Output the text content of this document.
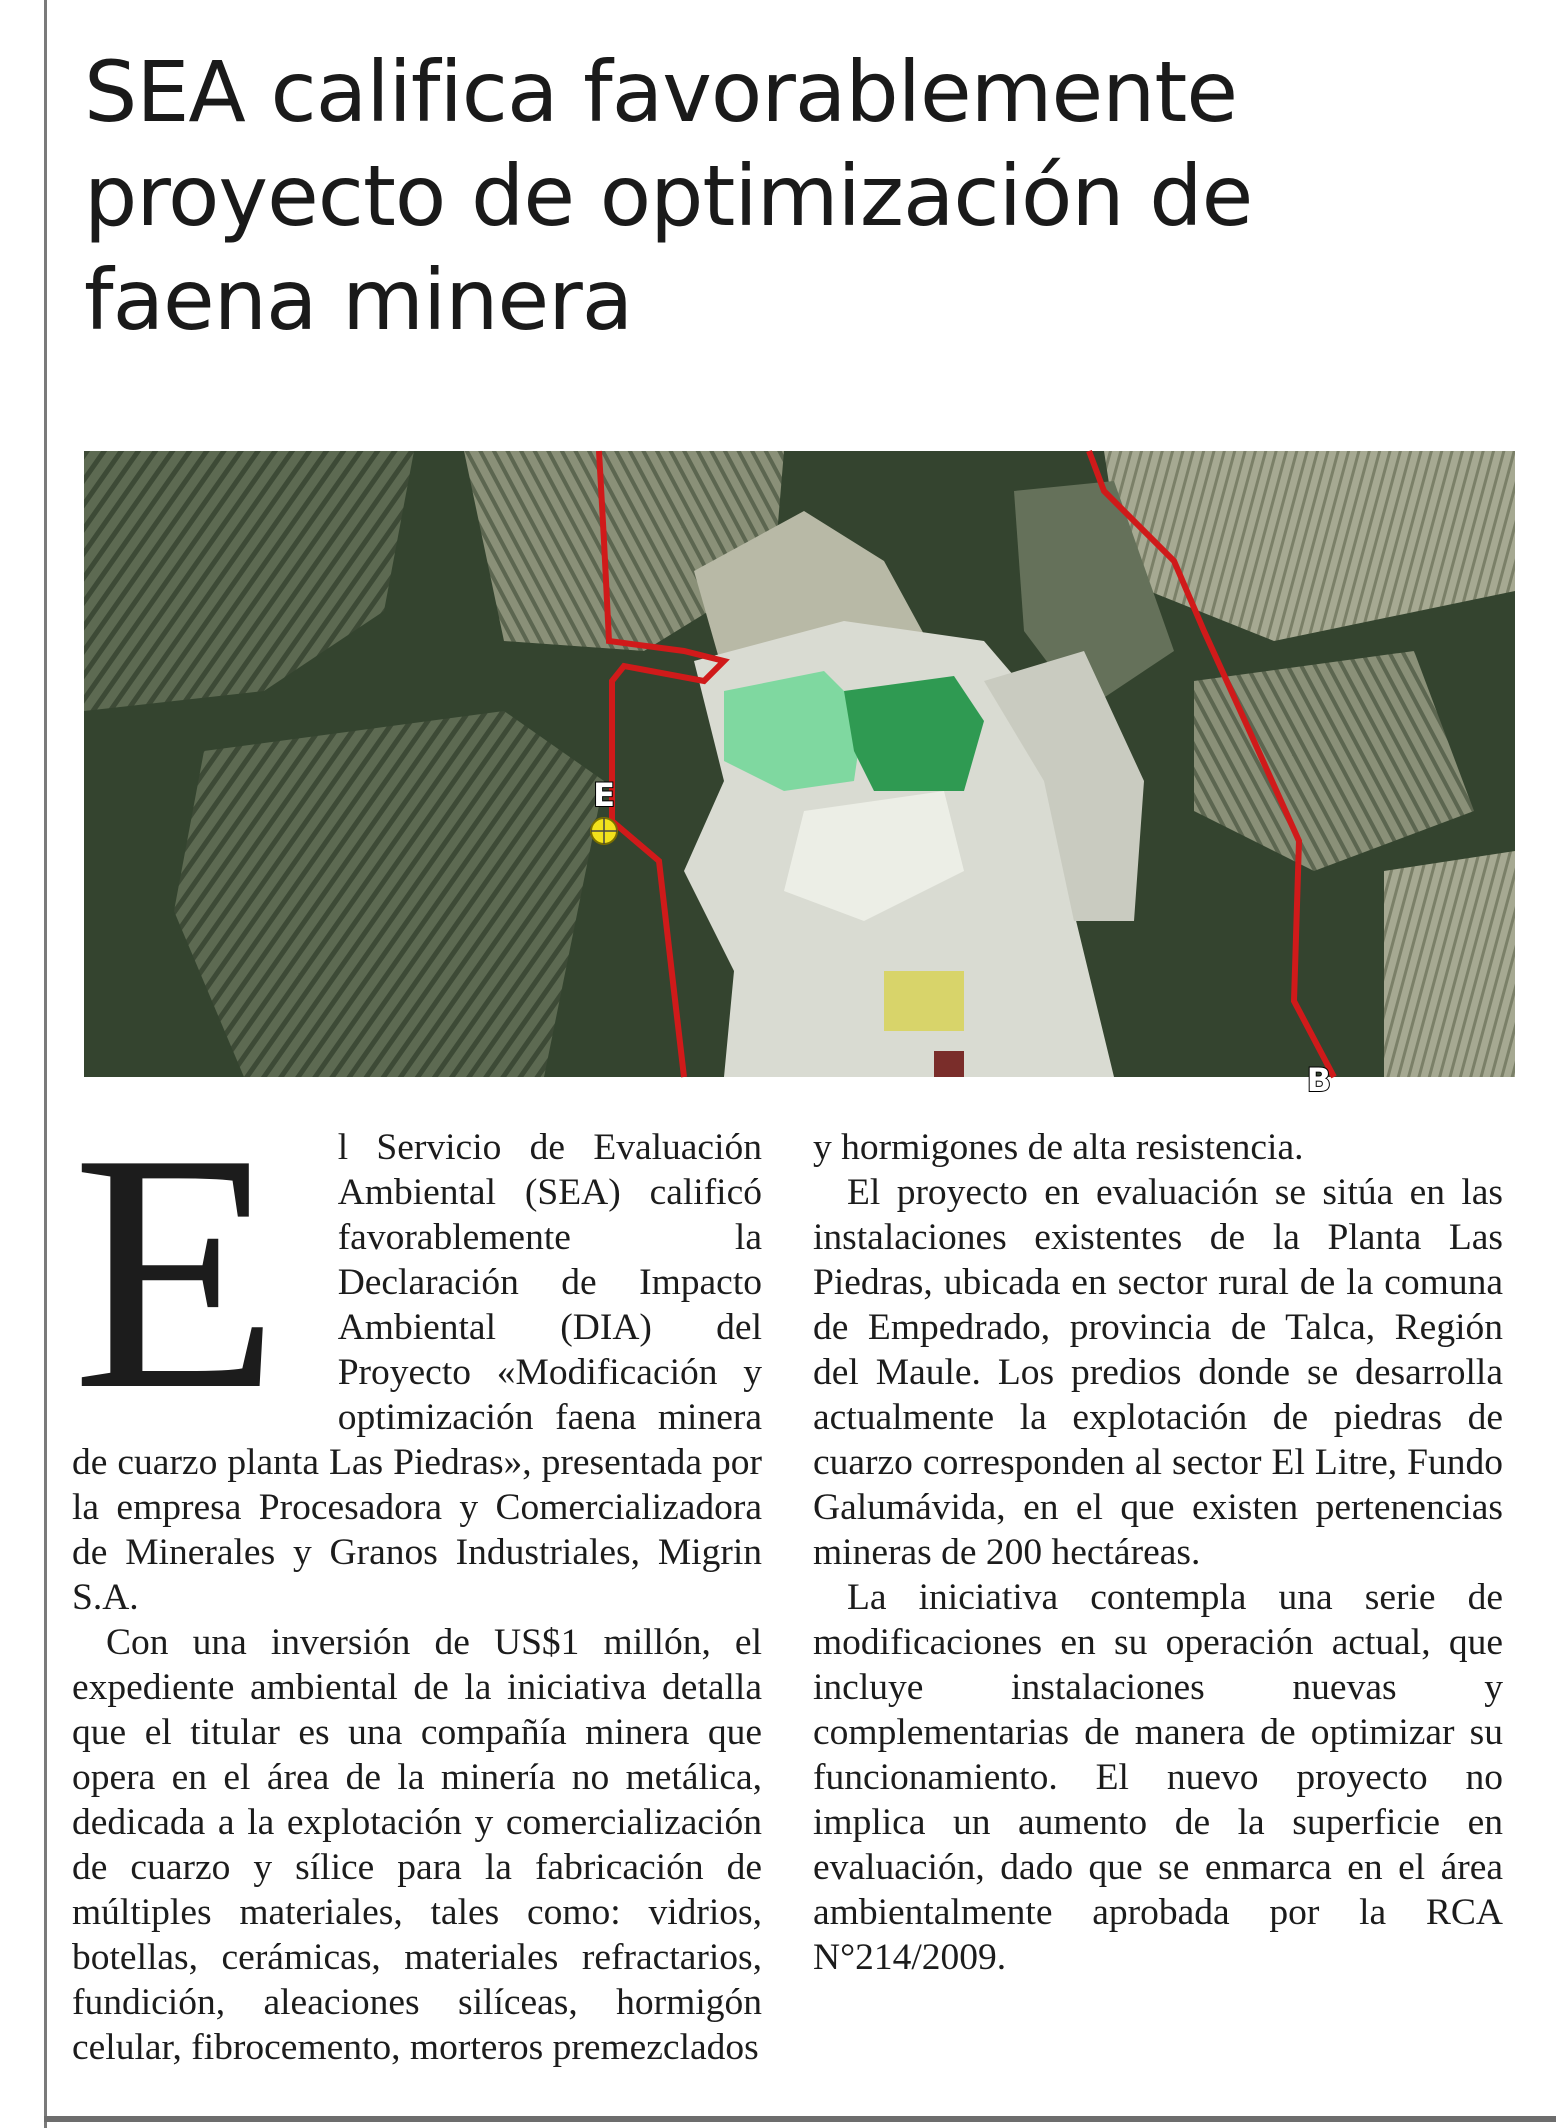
SEA califica favorablemente
proyecto de optimización de
faena minera
E
B
E	l Servicio de Evaluación Ambiental (SEA) calificó favorablemente la Declaración de Impacto Ambiental (DIA) del Proyecto «Modificación y optimización faena minera de cuarzo planta Las Piedras», presentada por la empresa Procesadora y Comercializadora de Minerales y Granos Industriales, Migrin S.A.

Con una inversión de US$1 millón, el expediente ambiental de la iniciativa detalla que el titular es una compañía minera que opera en el área de la minería no metálica, dedicada a la explotación y comercialización de cuarzo y sílice para la fabricación de múltiples materiales, tales como: vidrios, botellas, cerámicas, materiales refractarios, fundición, aleaciones silíceas, hormigón celular, fibrocemento, morteros premezclados

y hormigones de alta resistencia.

El proyecto en evaluación se sitúa en las instalaciones existentes de la Planta Las Piedras, ubicada en sector rural de la comuna de Empedrado, provincia de Talca, Región del Maule. Los predios donde se desarrolla actualmente la explotación de piedras de cuarzo corresponden al sector El Litre, Fundo Galumávida, en el que existen pertenencias mineras de 200 hectáreas.

La iniciativa contempla una serie de modificaciones en su operación actual, que incluye instalaciones nuevas y complementarias de manera de optimizar su funcionamiento. El nuevo proyecto no implica un aumento de la superficie en evaluación, dado que se enmarca en el área ambientalmente aprobada por la RCA N°214/2009.
